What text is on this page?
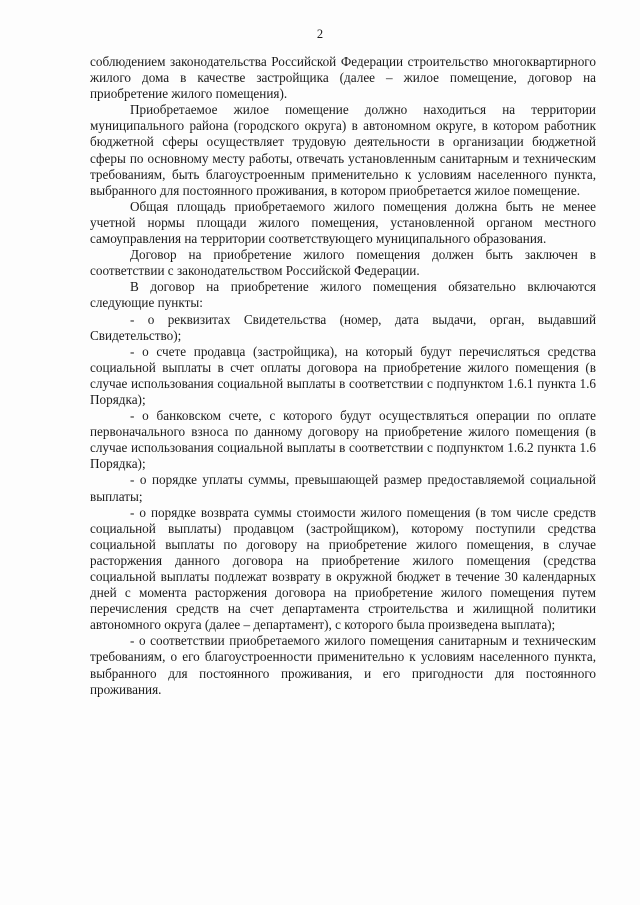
2

соблюдением законодательства Российской Федерации строительство многоквартирного жилого дома в качестве застройщика (далее – жилое помещение, договор на приобретение жилого помещения).

Приобретаемое жилое помещение должно находиться на территории муниципального района (городского округа) в автономном округе, в котором работник бюджетной сферы осуществляет трудовую деятельности в организации бюджетной сферы по основному месту работы, отвечать установленным санитарным и техническим требованиям, быть благоустроенным применительно к условиям населенного пункта, выбранного для постоянного проживания, в котором приобретается жилое помещение.

Общая площадь приобретаемого жилого помещения должна быть не менее учетной нормы площади жилого помещения, установленной органом местного самоуправления на территории соответствующего муниципального образования.

Договор на приобретение жилого помещения должен быть заключен в соответствии с законодательством Российской Федерации.

В договор на приобретение жилого помещения обязательно включаются следующие пункты:

- о реквизитах Свидетельства (номер, дата выдачи, орган, выдавший Свидетельство);

- о счете продавца (застройщика), на который будут перечисляться средства социальной выплаты в счет оплаты договора на приобретение жилого помещения (в случае использования социальной выплаты в соответствии с подпунктом 1.6.1 пункта 1.6 Порядка);

- о банковском счете, с которого будут осуществляться операции по оплате первоначального взноса по данному договору на приобретение жилого помещения (в случае использования социальной выплаты в соответствии с подпунктом 1.6.2 пункта 1.6 Порядка);

- о порядке уплаты суммы, превышающей размер предоставляемой социальной выплаты;

- о порядке возврата суммы стоимости жилого помещения (в том числе средств социальной выплаты) продавцом (застройщиком), которому поступили средства социальной выплаты по договору на приобретение жилого помещения, в случае расторжения данного договора на приобретение жилого помещения (средства социальной выплаты подлежат возврату в окружной бюджет в течение 30 календарных дней с момента расторжения договора на приобретение жилого помещения путем перечисления средств на счет департамента строительства и жилищной политики автономного округа (далее – департамент), с которого была произведена выплата);

- о соответствии приобретаемого жилого помещения санитарным и техническим требованиям, о его благоустроенности применительно к условиям населенного пункта, выбранного для постоянного проживания, и его пригодности для постоянного проживания.
